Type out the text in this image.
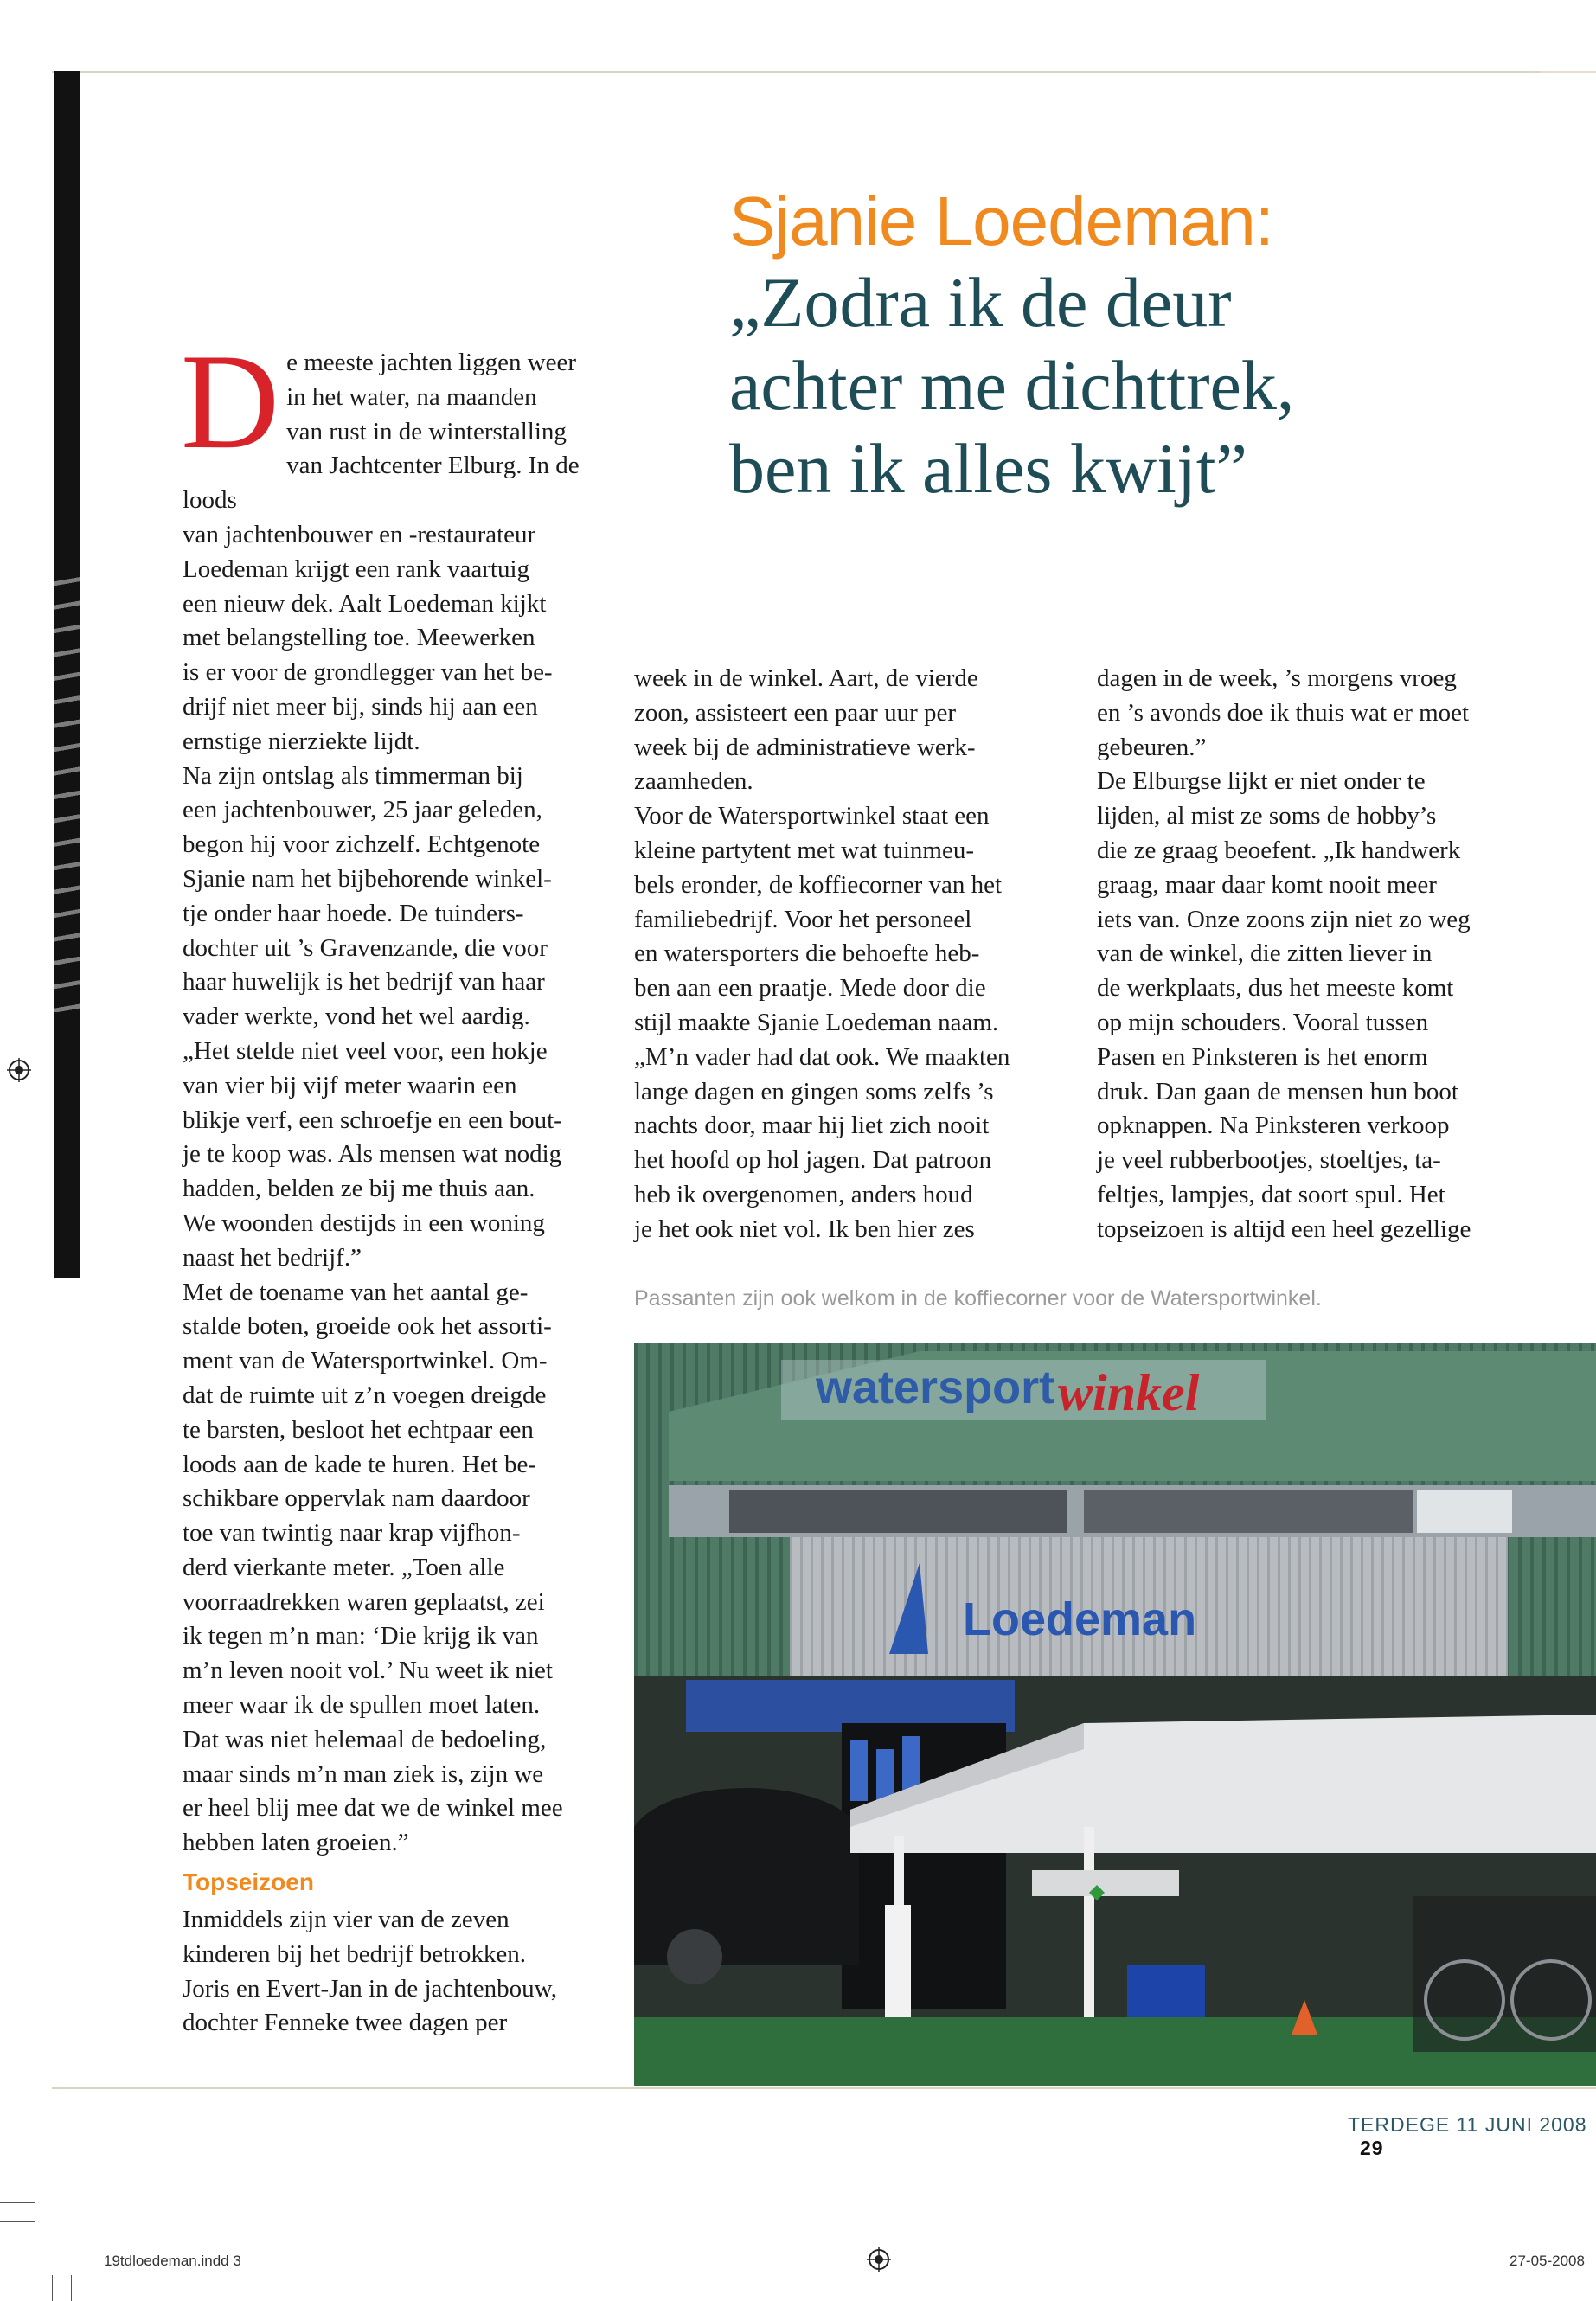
Sjanie Loedeman:
„Zodra ik de deur
achter me dichttrek,
ben ik alles kwijt”
D e meeste jachten liggen weer
in het water, na maanden
van rust in de winterstalling
van Jachtcenter Elburg. In de loods
van jachtenbouwer en -restaurateur
Loedeman krijgt een rank vaartuig
een nieuw dek. Aalt Loedeman kijkt
met belangstelling toe. Meewerken
is er voor de grondlegger van het be-
drijf niet meer bij, sinds hij aan een
ernstige nierziekte lijdt.
Na zijn ontslag als timmerman bij
een jachtenbouwer, 25 jaar geleden,
begon hij voor zichzelf. Echtgenote
Sjanie nam het bijbehorende winkel-
tje onder haar hoede. De tuinders-
dochter uit ’s Gravenzande, die voor
haar huwelijk is het bedrijf van haar
vader werkte, vond het wel aardig.
„Het stelde niet veel voor, een hokje
van vier bij vijf meter waarin een
blikje verf, een schroefje en een bout-
je te koop was. Als mensen wat nodig
hadden, belden ze bij me thuis aan.
We woonden destijds in een woning
naast het bedrijf.”
Met de toename van het aantal ge-
stalde boten, groeide ook het assorti-
ment van de Watersportwinkel. Om-
dat de ruimte uit z’n voegen dreigde
te barsten, besloot het echtpaar een
loods aan de kade te huren. Het be-
schikbare oppervlak nam daardoor
toe van twintig naar krap vijfhon-
derd vierkante meter. „Toen alle
voorraadrekken waren geplaatst, zei
ik tegen m’n man: ‘Die krijg ik van
m’n leven nooit vol.’ Nu weet ik niet
meer waar ik de spullen moet laten.
Dat was niet helemaal de bedoeling,
maar sinds m’n man ziek is, zijn we
er heel blij mee dat we de winkel mee
hebben laten groeien.”
Topseizoen
Inmiddels zijn vier van de zeven
kinderen bij het bedrijf betrokken.
Joris en Evert-Jan in de jachtenbouw,
dochter Fenneke twee dagen per
week in de winkel. Aart, de vierde
zoon, assisteert een paar uur per
week bij de administratieve werk-
zaamheden.
Voor de Watersportwinkel staat een
kleine partytent met wat tuinmeu-
bels eronder, de koffiecorner van het
familiebedrijf. Voor het personeel
en watersporters die behoefte heb-
ben aan een praatje. Mede door die
stijl maakte Sjanie Loedeman naam.
„M’n vader had dat ook. We maakten
lange dagen en gingen soms zelfs ’s
nachts door, maar hij liet zich nooit
het hoofd op hol jagen. Dat patroon
heb ik overgenomen, anders houd
je het ook niet vol. Ik ben hier zes
dagen in de week, ’s morgens vroeg
en ’s avonds doe ik thuis wat er moet
gebeuren.”
De Elburgse lijkt er niet onder te
lijden, al mist ze soms de hobby’s
die ze graag beoefent. „Ik handwerk
graag, maar daar komt nooit meer
iets van. Onze zoons zijn niet zo weg
van de winkel, die zitten liever in
de werkplaats, dus het meeste komt
op mijn schouders. Vooral tussen
Pasen en Pinksteren is het enorm
druk. Dan gaan de mensen hun boot
opknappen. Na Pinksteren verkoop
je veel rubberbootjes, stoeltjes, ta-
feltjes, lampjes, dat soort spul. Het
topseizoen is altijd een heel gezellige
Passanten zijn ook welkom in de koffiecorner voor de Watersportwinkel.
watersport winkel
Loedeman
TERDEGE 11 JUNI 2008 29
19tdloedeman.indd 3	27-05-2008
